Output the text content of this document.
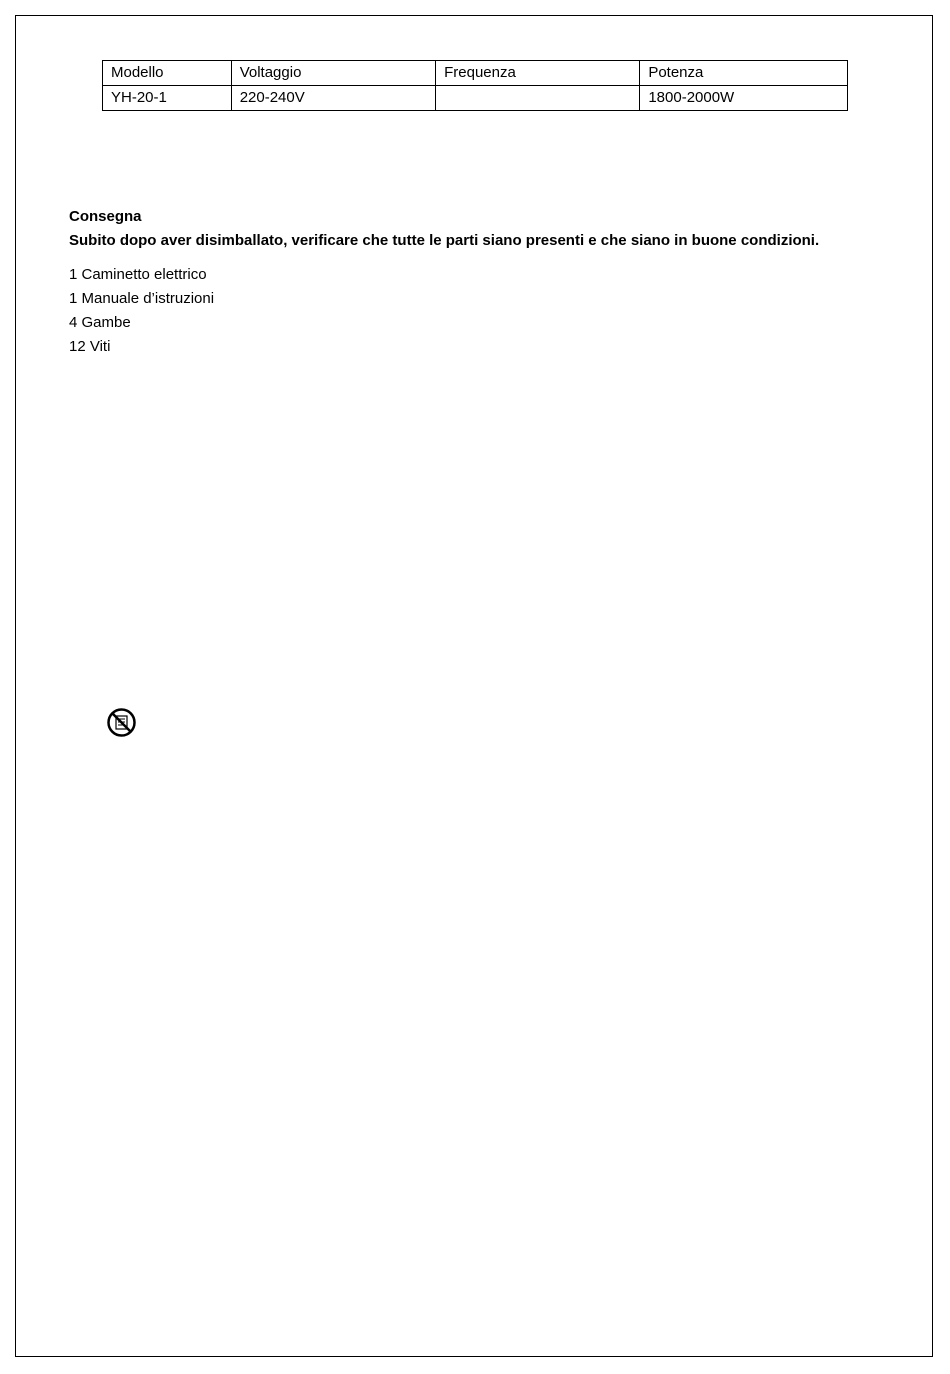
Modello	Voltaggio	Frequenza	Potenza
YH-20-1	220-240V		1800-2000W
Consegna
Subito dopo aver disimballato, verificare che tutte le parti siano presenti e che siano in buone condizioni.
1 Caminetto elettrico
1 Manuale d’istruzioni
4 Gambe
12 Viti
